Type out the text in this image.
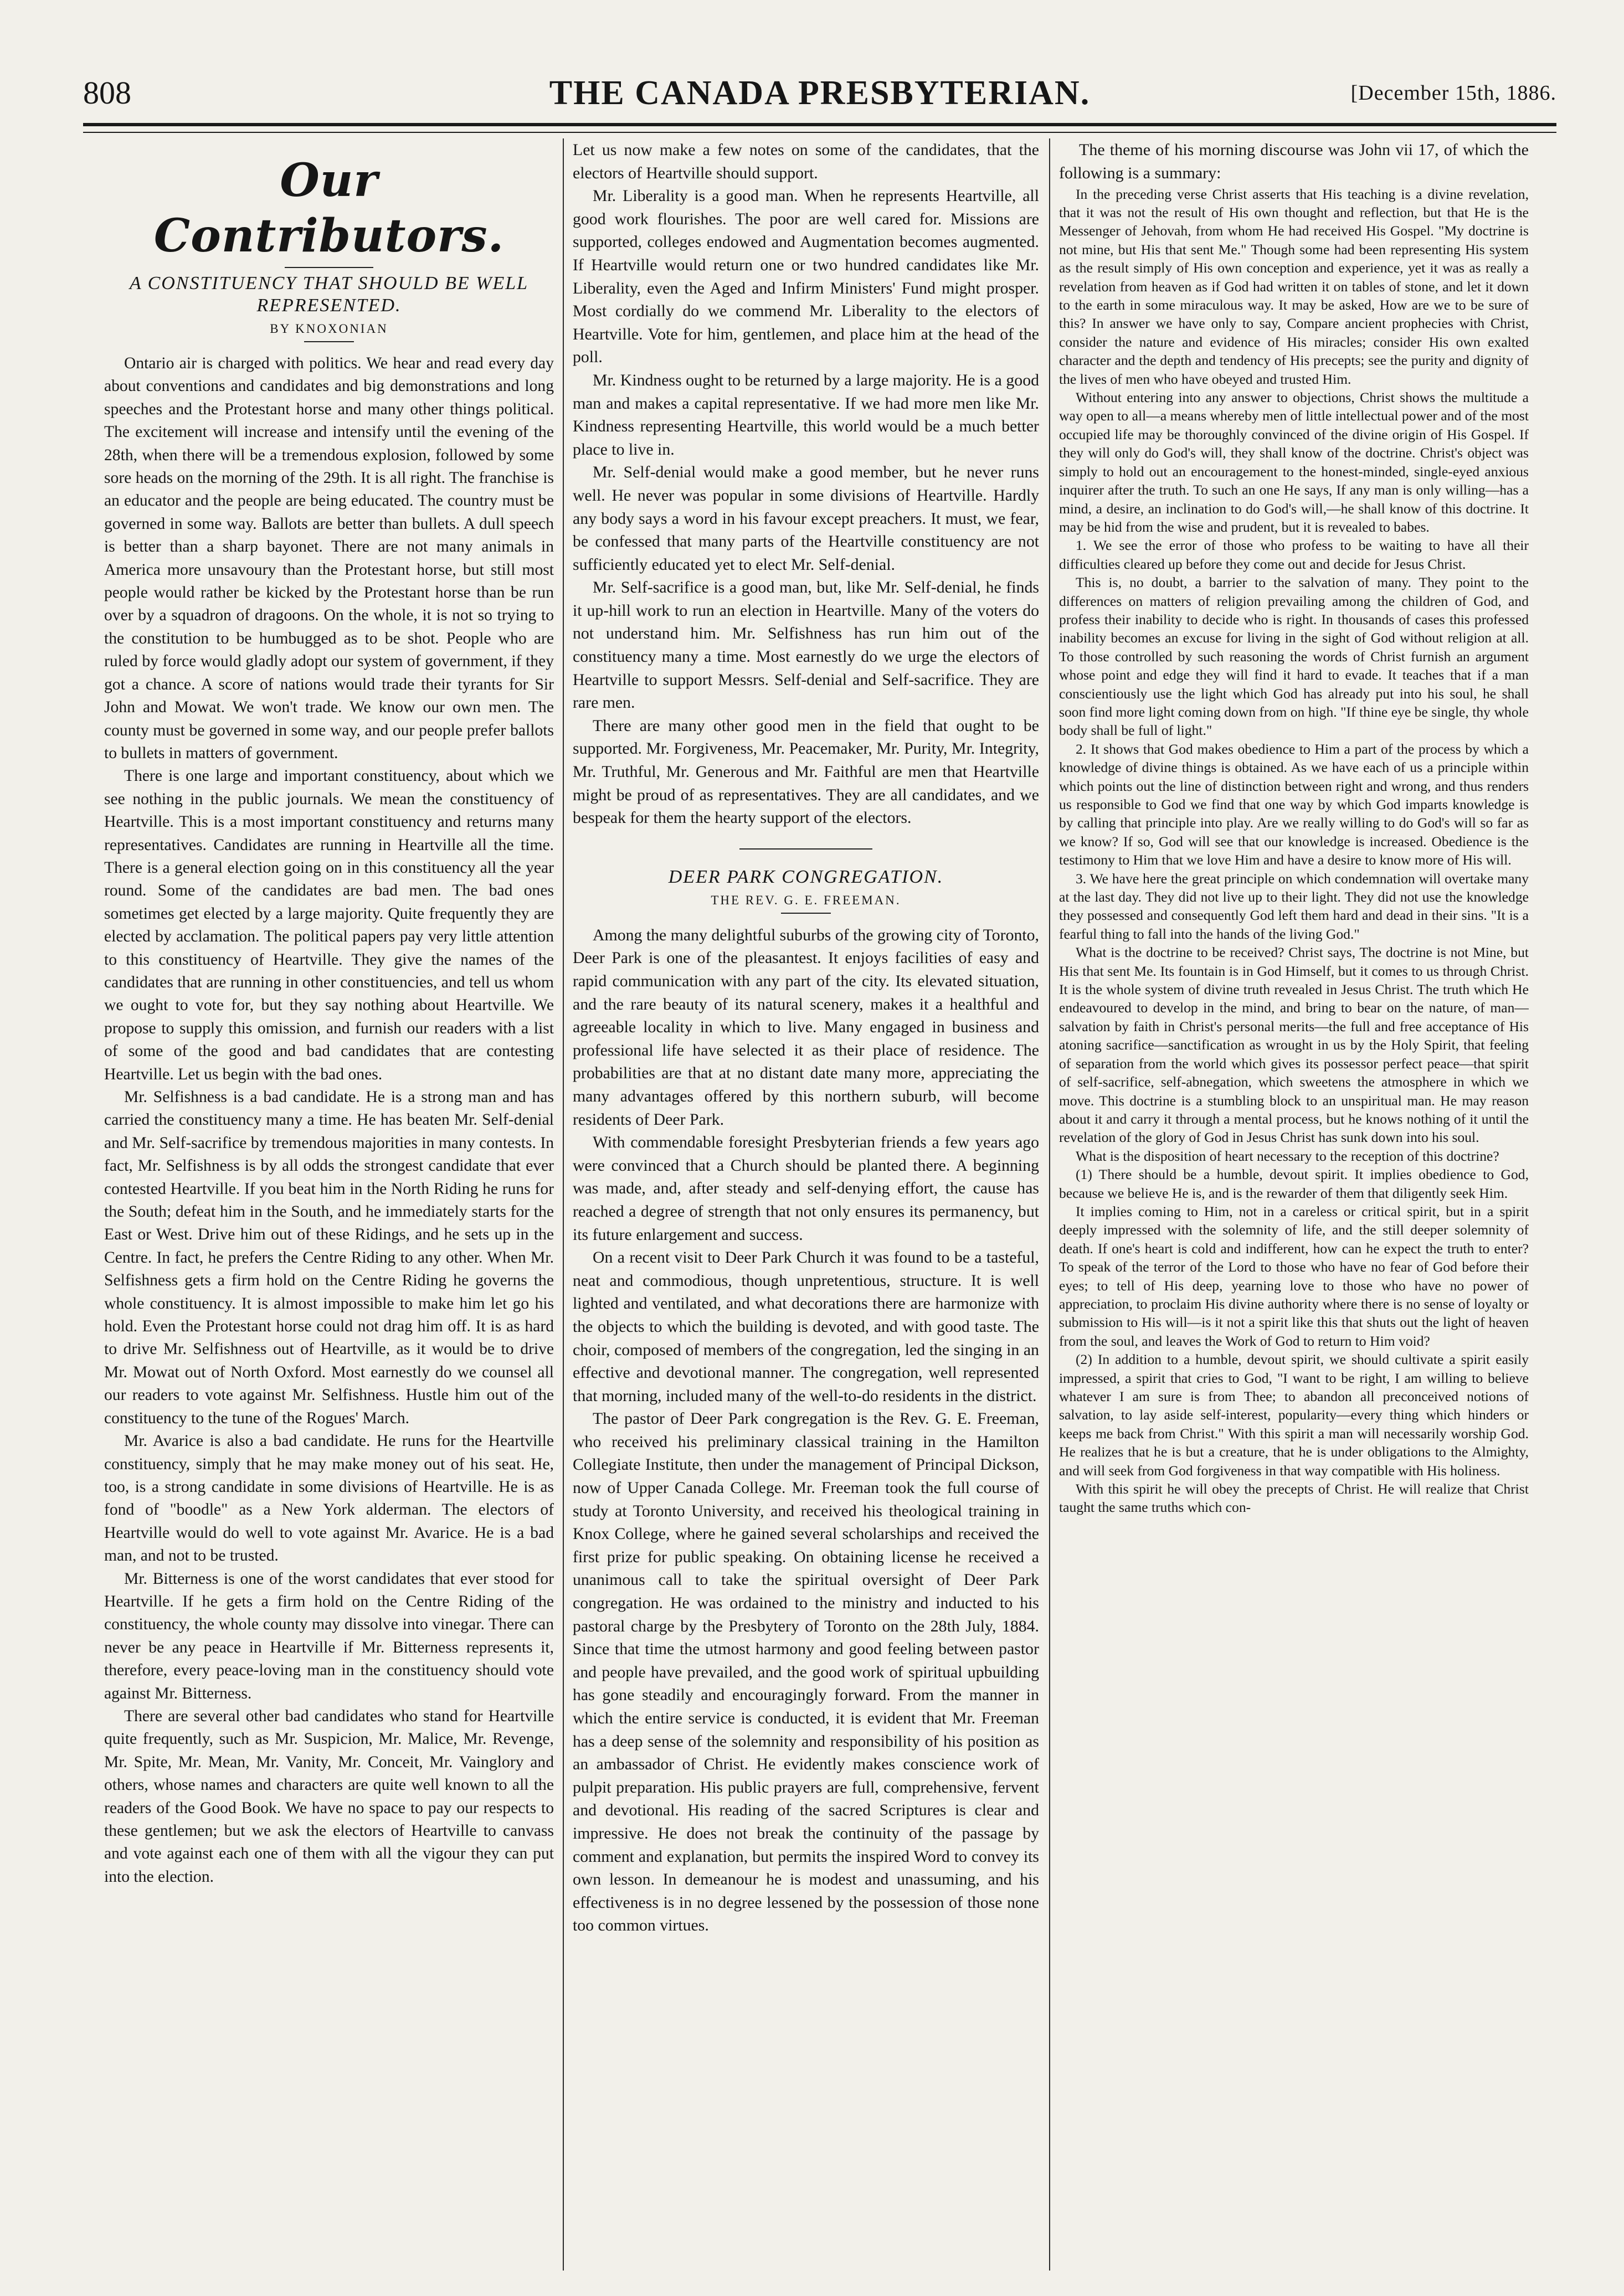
808	THE CANADA PRESBYTERIAN.	[December 15th, 1886.
Our Contributors.
A CONSTITUENCY THAT SHOULD BE WELL REPRESENTED.
BY KNOXONIAN

Ontario air is charged with politics. We hear and read every day about conventions and candidates and big demonstrations and long speeches and the Protestant horse and many other things political. The excitement will increase and intensify until the evening of the 28th, when there will be a tremendous explosion, followed by some sore heads on the morning of the 29th. It is all right. The franchise is an educator and the people are being educated. The country must be governed in some way. Ballots are better than bullets. A dull speech is better than a sharp bayonet. There are not many animals in America more unsavoury than the Protestant horse, but still most people would rather be kicked by the Protestant horse than be run over by a squadron of dragoons. On the whole, it is not so trying to the constitution to be humbugged as to be shot. People who are ruled by force would gladly adopt our system of government, if they got a chance. A score of nations would trade their tyrants for Sir John and Mowat. We won't trade. We know our own men. The county must be governed in some way, and our people prefer ballots to bullets in matters of government.

There is one large and important constituency, about which we see nothing in the public journals. We mean the constituency of Heartville. This is a most important constituency and returns many representatives. Candidates are running in Heartville all the time. There is a general election going on in this constituency all the year round. Some of the candidates are bad men. The bad ones sometimes get elected by a large majority. Quite frequently they are elected by acclamation. The political papers pay very little attention to this constituency of Heartville. They give the names of the candidates that are running in other constituencies, and tell us whom we ought to vote for, but they say nothing about Heartville. We propose to supply this omission, and furnish our readers with a list of some of the good and bad candidates that are contesting Heartville. Let us begin with the bad ones.

Mr. Selfishness is a bad candidate. He is a strong man and has carried the constituency many a time. He has beaten Mr. Self-denial and Mr. Self-sacrifice by tremendous majorities in many contests. In fact, Mr. Selfishness is by all odds the strongest candidate that ever contested Heartville. If you beat him in the North Riding he runs for the South; defeat him in the South, and he immediately starts for the East or West. Drive him out of these Ridings, and he sets up in the Centre. In fact, he prefers the Centre Riding to any other. When Mr. Selfishness gets a firm hold on the Centre Riding he governs the whole constituency. It is almost impossible to make him let go his hold. Even the Protestant horse could not drag him off. It is as hard to drive Mr. Selfishness out of Heartville, as it would be to drive Mr. Mowat out of North Oxford. Most earnestly do we counsel all our readers to vote against Mr. Selfishness. Hustle him out of the constituency to the tune of the Rogues' March.

Mr. Avarice is also a bad candidate. He runs for the Heartville constituency, simply that he may make money out of his seat. He, too, is a strong candidate in some divisions of Heartville. He is as fond of "boodle" as a New York alderman. The electors of Heartville would do well to vote against Mr. Avarice. He is a bad man, and not to be trusted.

Mr. Bitterness is one of the worst candidates that ever stood for Heartville. If he gets a firm hold on the Centre Riding of the constituency, the whole county may dissolve into vinegar. There can never be any peace in Heartville if Mr. Bitterness represents it, therefore, every peace-loving man in the constituency should vote against Mr. Bitterness.

There are several other bad candidates who stand for Heartville quite frequently, such as Mr. Suspicion, Mr. Malice, Mr. Revenge, Mr. Spite, Mr. Mean, Mr. Vanity, Mr. Conceit, Mr. Vainglory and others, whose names and characters are quite well known to all the readers of the Good Book. We have no space to pay our respects to these gentlemen; but we ask the electors of Heartville to canvass and vote against each one of them with all the vigour they can put into the election.

Let us now make a few notes on some of the candidates, that the electors of Heartville should support.

Mr. Liberality is a good man. When he represents Heartville, all good work flourishes. The poor are well cared for. Missions are supported, colleges endowed and Augmentation becomes augmented. If Heartville would return one or two hundred candidates like Mr. Liberality, even the Aged and Infirm Ministers' Fund might prosper. Most cordially do we commend Mr. Liberality to the electors of Heartville. Vote for him, gentlemen, and place him at the head of the poll.

Mr. Kindness ought to be returned by a large majority. He is a good man and makes a capital representative. If we had more men like Mr. Kindness representing Heartville, this world would be a much better place to live in.

Mr. Self-denial would make a good member, but he never runs well. He never was popular in some divisions of Heartville. Hardly any body says a word in his favour except preachers. It must, we fear, be confessed that many parts of the Heartville constituency are not sufficiently educated yet to elect Mr. Self-denial.

Mr. Self-sacrifice is a good man, but, like Mr. Self-denial, he finds it up-hill work to run an election in Heartville. Many of the voters do not understand him. Mr. Selfishness has run him out of the constituency many a time. Most earnestly do we urge the electors of Heartville to support Messrs. Self-denial and Self-sacrifice. They are rare men.

There are many other good men in the field that ought to be supported. Mr. Forgiveness, Mr. Peacemaker, Mr. Purity, Mr. Integrity, Mr. Truthful, Mr. Generous and Mr. Faithful are men that Heartville might be proud of as representatives. They are all candidates, and we bespeak for them the hearty support of the electors.

DEER PARK CONGREGATION.
THE REV. G. E. FREEMAN.

Among the many delightful suburbs of the growing city of Toronto, Deer Park is one of the pleasantest. It enjoys facilities of easy and rapid communication with any part of the city. Its elevated situation, and the rare beauty of its natural scenery, makes it a healthful and agreeable locality in which to live. Many engaged in business and professional life have selected it as their place of residence. The probabilities are that at no distant date many more, appreciating the many advantages offered by this northern suburb, will become residents of Deer Park.

With commendable foresight Presbyterian friends a few years ago were convinced that a Church should be planted there. A beginning was made, and, after steady and self-denying effort, the cause has reached a degree of strength that not only ensures its permanency, but its future enlargement and success.

On a recent visit to Deer Park Church it was found to be a tasteful, neat and commodious, though unpretentious, structure. It is well lighted and ventilated, and what decorations there are harmonize with the objects to which the building is devoted, and with good taste. The choir, composed of members of the congregation, led the singing in an effective and devotional manner. The congregation, well represented that morning, included many of the well-to-do residents in the district.

The pastor of Deer Park congregation is the Rev. G. E. Freeman, who received his preliminary classical training in the Hamilton Collegiate Institute, then under the management of Principal Dickson, now of Upper Canada College. Mr. Freeman took the full course of study at Toronto University, and received his theological training in Knox College, where he gained several scholarships and received the first prize for public speaking. On obtaining license he received a unanimous call to take the spiritual oversight of Deer Park congregation. He was ordained to the ministry and inducted to his pastoral charge by the Presbytery of Toronto on the 28th July, 1884. Since that time the utmost harmony and good feeling between pastor and people have prevailed, and the good work of spiritual upbuilding has gone steadily and encouragingly forward. From the manner in which the entire service is conducted, it is evident that Mr. Freeman has a deep sense of the solemnity and responsibility of his position as an ambassador of Christ. He evidently makes conscience work of pulpit preparation. His public prayers are full, comprehensive, fervent and devotional. His reading of the sacred Scriptures is clear and impressive. He does not break the continuity of the passage by comment and explanation, but permits the inspired Word to convey its own lesson. In demeanour he is modest and unassuming, and his effectiveness is in no degree lessened by the possession of those none too common virtues.

The theme of his morning discourse was John vii 17, of which the following is a summary:

In the preceding verse Christ asserts that His teaching is a divine revelation, that it was not the result of His own thought and reflection, but that He is the Messenger of Jehovah, from whom He had received His Gospel. "My doctrine is not mine, but His that sent Me." Though some had been representing His system as the result simply of His own conception and experience, yet it was as really a revelation from heaven as if God had written it on tables of stone, and let it down to the earth in some miraculous way. It may be asked, How are we to be sure of this? In answer we have only to say, Compare ancient prophecies with Christ, consider the nature and evidence of His miracles; consider His own exalted character and the depth and tendency of His precepts; see the purity and dignity of the lives of men who have obeyed and trusted Him.

Without entering into any answer to objections, Christ shows the multitude a way open to all—a means whereby men of little intellectual power and of the most occupied life may be thoroughly convinced of the divine origin of His Gospel. If they will only do God's will, they shall know of the doctrine. Christ's object was simply to hold out an encouragement to the honest-minded, single-eyed anxious inquirer after the truth. To such an one He says, If any man is only willing—has a mind, a desire, an inclination to do God's will,—he shall know of this doctrine. It may be hid from the wise and prudent, but it is revealed to babes.

1. We see the error of those who profess to be waiting to have all their difficulties cleared up before they come out and decide for Jesus Christ.

This is, no doubt, a barrier to the salvation of many. They point to the differences on matters of religion prevailing among the children of God, and profess their inability to decide who is right. In thousands of cases this professed inability becomes an excuse for living in the sight of God without religion at all. To those controlled by such reasoning the words of Christ furnish an argument whose point and edge they will find it hard to evade. It teaches that if a man conscientiously use the light which God has already put into his soul, he shall soon find more light coming down from on high. "If thine eye be single, thy whole body shall be full of light."

2. It shows that God makes obedience to Him a part of the process by which a knowledge of divine things is obtained. As we have each of us a principle within which points out the line of distinction between right and wrong, and thus renders us responsible to God we find that one way by which God imparts knowledge is by calling that principle into play. Are we really willing to do God's will so far as we know? If so, God will see that our knowledge is increased. Obedience is the testimony to Him that we love Him and have a desire to know more of His will.

3. We have here the great principle on which condemnation will overtake many at the last day. They did not live up to their light. They did not use the knowledge they possessed and consequently God left them hard and dead in their sins. "It is a fearful thing to fall into the hands of the living God."

What is the doctrine to be received? Christ says, The doctrine is not Mine, but His that sent Me. Its fountain is in God Himself, but it comes to us through Christ. It is the whole system of divine truth revealed in Jesus Christ. The truth which He endeavoured to develop in the mind, and bring to bear on the nature, of man—salvation by faith in Christ's personal merits—the full and free acceptance of His atoning sacrifice—sanctification as wrought in us by the Holy Spirit, that feeling of separation from the world which gives its possessor perfect peace—that spirit of self-sacrifice, self-abnegation, which sweetens the atmosphere in which we move. This doctrine is a stumbling block to an unspiritual man. He may reason about it and carry it through a mental process, but he knows nothing of it until the revelation of the glory of God in Jesus Christ has sunk down into his soul.

What is the disposition of heart necessary to the reception of this doctrine?

(1) There should be a humble, devout spirit. It implies obedience to God, because we believe He is, and is the rewarder of them that diligently seek Him.

It implies coming to Him, not in a careless or critical spirit, but in a spirit deeply impressed with the solemnity of life, and the still deeper solemnity of death. If one's heart is cold and indifferent, how can he expect the truth to enter? To speak of the terror of the Lord to those who have no fear of God before their eyes; to tell of His deep, yearning love to those who have no power of appreciation, to proclaim His divine authority where there is no sense of loyalty or submission to His will—is it not a spirit like this that shuts out the light of heaven from the soul, and leaves the Work of God to return to Him void?

(2) In addition to a humble, devout spirit, we should cultivate a spirit easily impressed, a spirit that cries to God, "I want to be right, I am willing to believe whatever I am sure is from Thee; to abandon all preconceived notions of salvation, to lay aside self-interest, popularity—every thing which hinders or keeps me back from Christ." With this spirit a man will necessarily worship God. He realizes that he is but a creature, that he is under obligations to the Almighty, and will seek from God forgiveness in that way compatible with His holiness.

With this spirit he will obey the precepts of Christ. He will realize that Christ taught the same truths which con-
